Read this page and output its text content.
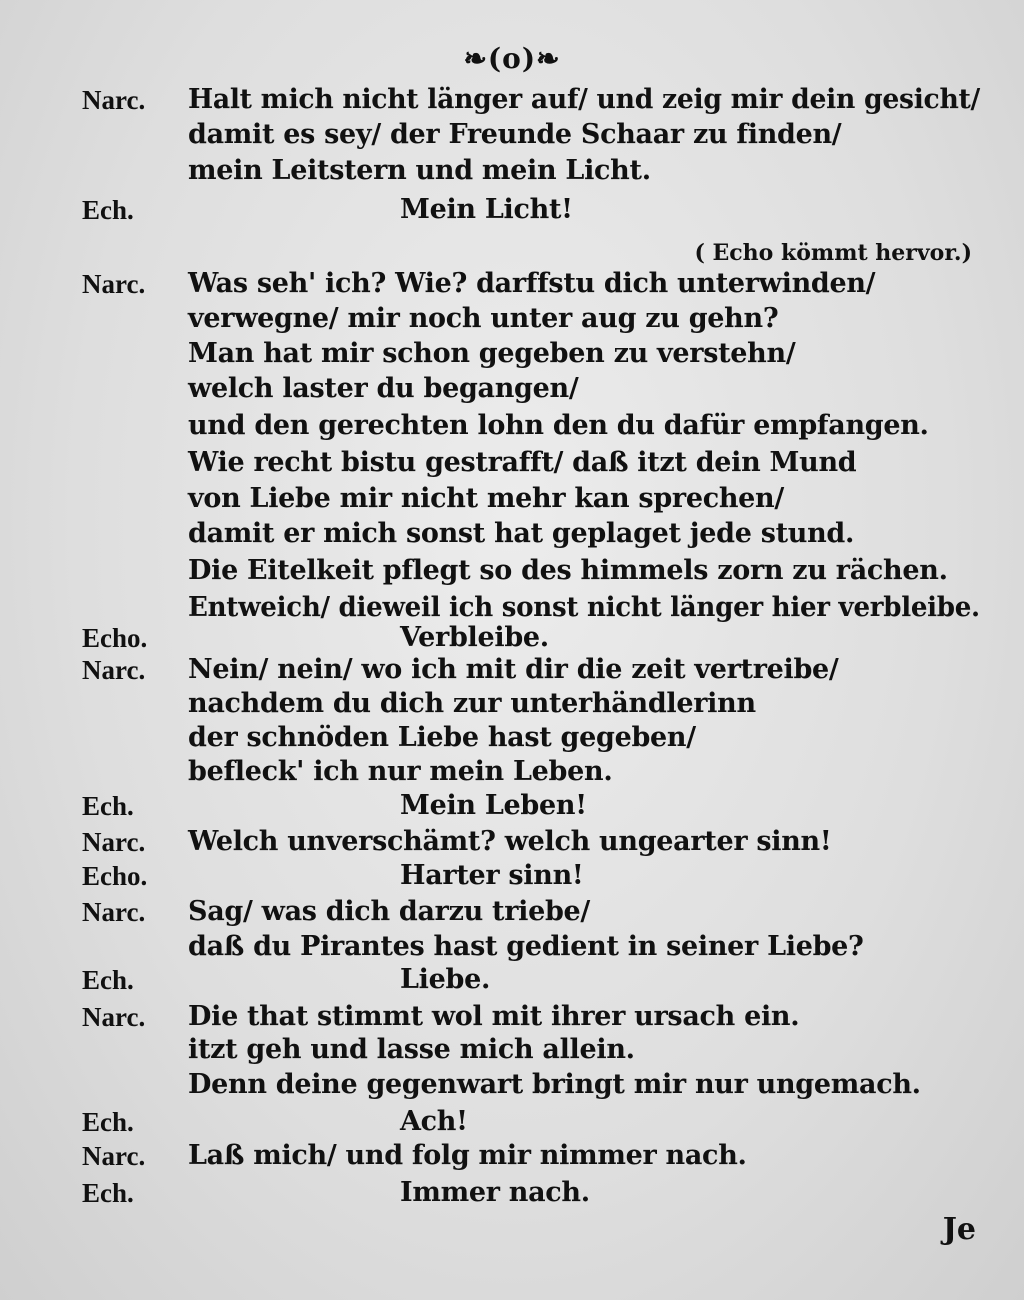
❧(o)❧
Narc.	Halt mich nicht länger auf/ und zeig mir dein gesicht/
damit es sey/ der Freunde Schaar zu finden/
mein Leitstern und mein Licht.
Ech.	Mein Licht!
Narc.	Was seh' ich? Wie? darffstu dich unterwinden/
verwegne/ mir noch unter aug zu gehn?
Man hat mir schon gegeben zu verstehn/
welch laster du begangen/
und den gerechten lohn den du dafür empfangen.
Wie recht bistu gestrafft/ daß itzt dein Mund
von Liebe mir nicht mehr kan sprechen/
damit er mich sonst hat geplaget jede stund.
Die Eitelkeit pflegt so des himmels zorn zu rächen.
Entweich/ dieweil ich sonst nicht länger hier verbleibe.
Echo.	Verbleibe.
Narc.	Nein/ nein/ wo ich mit dir die zeit vertreibe/
nachdem du dich zur unterhändlerinn
der schnöden Liebe hast gegeben/
befleck' ich nur mein Leben.
Ech.	Mein Leben!
Narc.	Welch unverschämt? welch ungearter sinn!
Echo.	Harter sinn!
Narc.	Sag/ was dich darzu triebe/
daß du Pirantes hast gedient in seiner Liebe?
Ech.	Liebe.
Narc.	Die that stimmt wol mit ihrer ursach ein.
itzt geh und lasse mich allein.
Denn deine gegenwart bringt mir nur ungemach.
Ech.	Ach!
Narc.	Laß mich/ und folg mir nimmer nach.
Ech.	Immer nach.
( Echo kömmt hervor.)
Je
